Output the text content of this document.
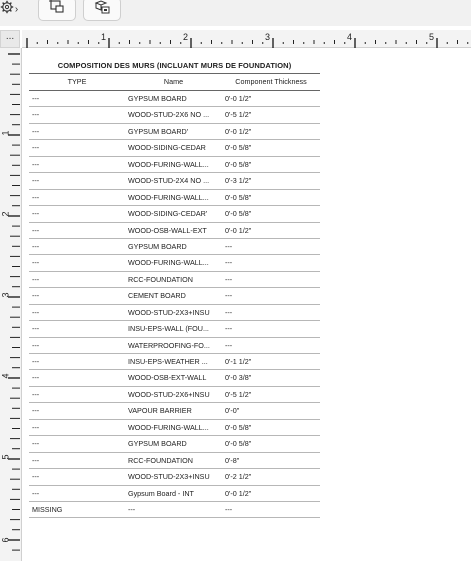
›
...	1	2	3	4	5
1
2
3
4
5
6
COMPOSITION DES MURS (INCLUANT MURS DE FOUNDATION)
TYPE	Name	Component Thickness
---	GYPSUM BOARD	0'-0 1/2"
---	WOOD-STUD-2X6 NO ...	0'-5 1/2"
---	GYPSUM BOARD'	0'-0 1/2"
---	WOOD-SIDING-CEDAR	0'-0 5/8"
---	WOOD-FURING-WALL...	0'-0 5/8"
---	WOOD-STUD-2X4 NO ...	0'-3 1/2"
---	WOOD-FURING-WALL...	0'-0 5/8"
---	WOOD-SIDING-CEDAR'	0'-0 5/8"
---	WOOD-OSB-WALL-EXT	0'-0 1/2"
---	GYPSUM BOARD	---
---	WOOD-FURING-WALL...	---
---	RCC-FOUNDATION	---
---	CEMENT BOARD	---
---	WOOD-STUD-2X3+INSU	---
---	INSU-EPS-WALL (FOU...	---
---	WATERPROOFING-FO...	---
---	INSU-EPS-WEATHER ...	0'-1 1/2"
---	WOOD-OSB-EXT-WALL	0'-0 3/8"
---	WOOD-STUD-2X6+INSU	0'-5 1/2"
---	VAPOUR BARRIER	0'-0"
---	WOOD-FURING-WALL...	0'-0 5/8"
---	GYPSUM BOARD	0'-0 5/8"
---	RCC-FOUNDATION	0'-8"
---	WOOD-STUD-2X3+INSU	0'-2 1/2"
---	Gypsum Board - INT	0'-0 1/2"
MISSING	---	---
